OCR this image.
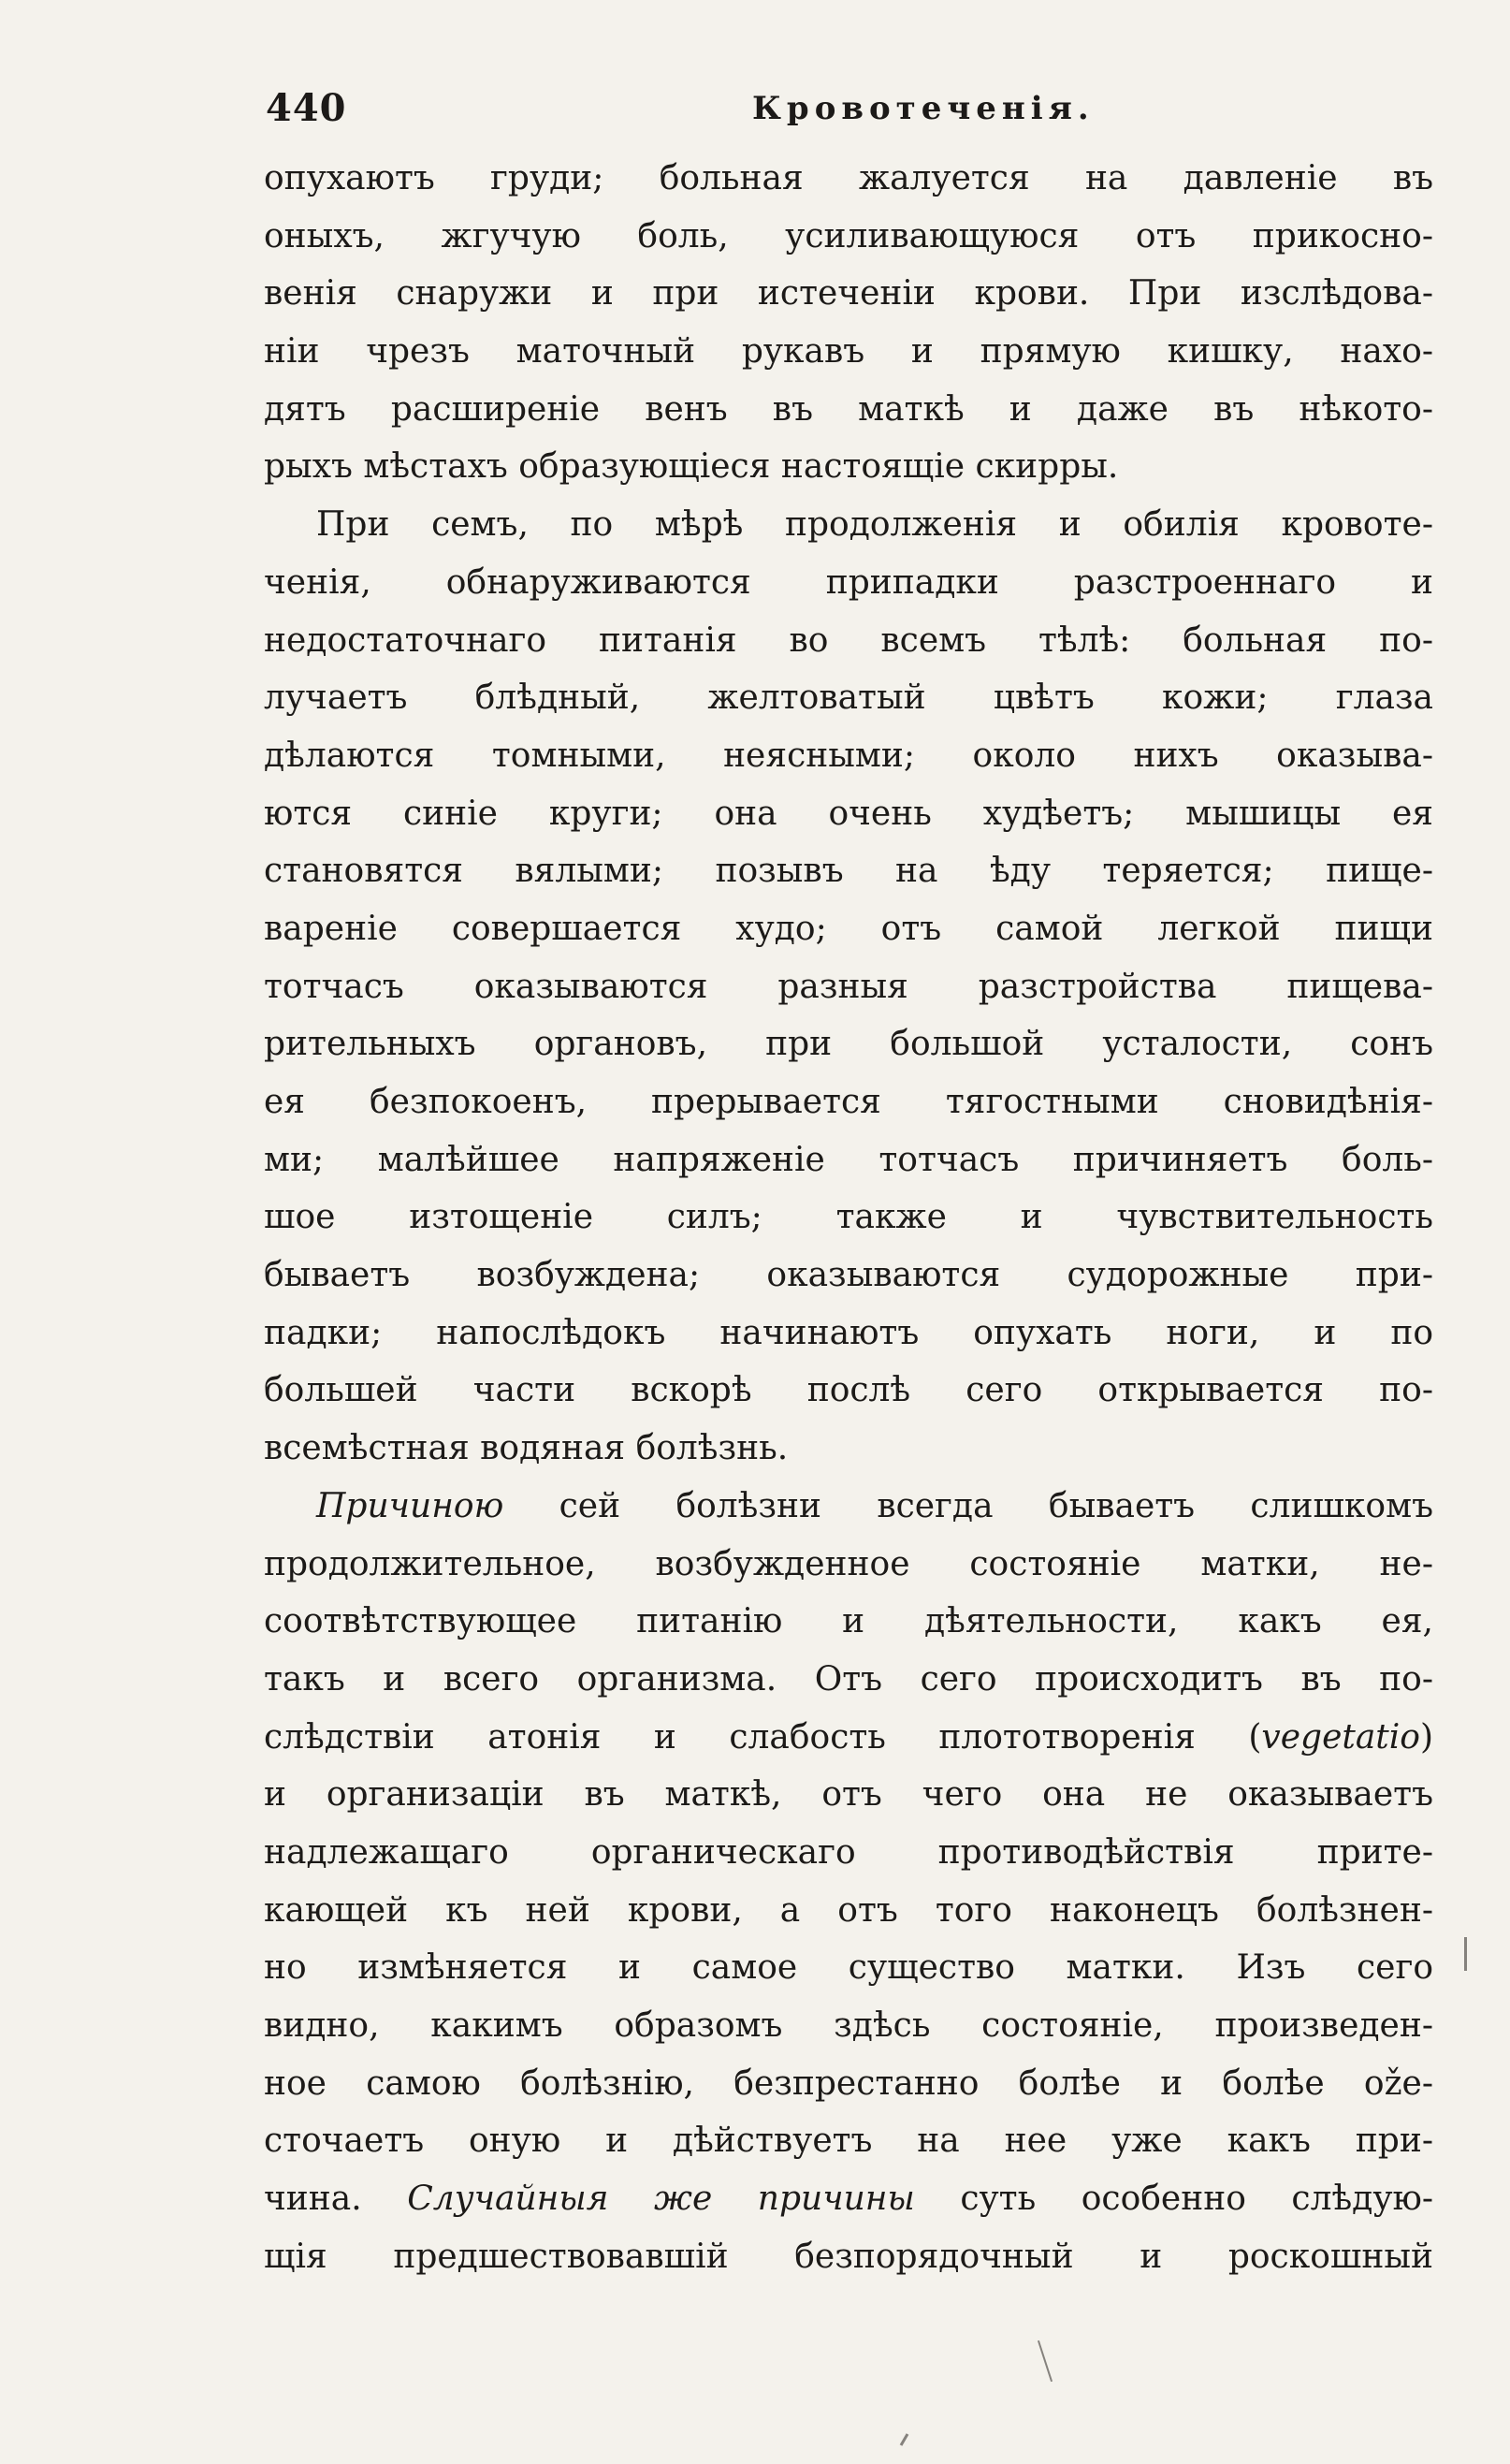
440	Кровотеченія.
опухаютъ груди; больная жалуется на давленіе въ
оныхъ, жгучую боль, усиливающуюся отъ прикосно-
венія снаружи и при истеченіи крови. При изслѣдова-
ніи чрезъ маточный рукавъ и прямую кишку, нахо-
дятъ расширеніе венъ въ маткѣ и даже въ нѣкото-
рыхъ мѣстахъ образующіеся настоящіе скирры.
При семъ, по мѣрѣ продолженія и обилія кровоте-
ченія, обнаруживаются припадки разстроеннаго и
недостаточнаго питанія во всемъ тѣлѣ: больная по-
лучаетъ блѣдный, желтоватый цвѣтъ кожи; глаза
дѣлаются томными, неясными; около нихъ оказыва-
ются синіе круги; она очень худѣетъ; мышицы ея
становятся вялыми; позывъ на ѣду теряется; пище-
вареніе совершается худо; отъ самой легкой пищи
тотчасъ оказываются разныя разстройства пищева-
рительныхъ органовъ, при большой усталости, сонъ
ея безпокоенъ, прерывается тягостными сновидѣнія-
ми; малѣйшее напряженіе тотчасъ причиняетъ боль-
шое изтощеніе силъ; также и чувствительность
бываетъ возбуждена; оказываются судорожные при-
падки; напослѣдокъ начинаютъ опухать ноги, и по
большей части вскорѣ послѣ сего открывается по-
всемѣстная водяная болѣзнь.
Причиною сей болѣзни всегда бываетъ слишкомъ
продолжительное, возбужденное состояніе матки, не-
соотвѣтствующее питанію и дѣятельности, какъ ея,
такъ и всего организма. Отъ сего происходитъ въ по-
слѣдствіи атонія и слабость плототворенія (vegetatio)
и организаціи въ маткѣ, отъ чего она не оказываетъ
надлежащаго органическаго противодѣйствія прите-
кающей къ ней крови, а отъ того наконецъ болѣзнен-
но измѣняется и самое существо матки. Изъ сего
видно, какимъ образомъ здѣсь состояніе, произведен-
ное самою болѣзнію, безпрестанно болѣе и болѣе ože-
сточаетъ оную и дѣйствуетъ на нее уже какъ при-
чина. Случайныя же причины суть особенно слѣдую-
щія предшествовавшій безпорядочный и роскошный
